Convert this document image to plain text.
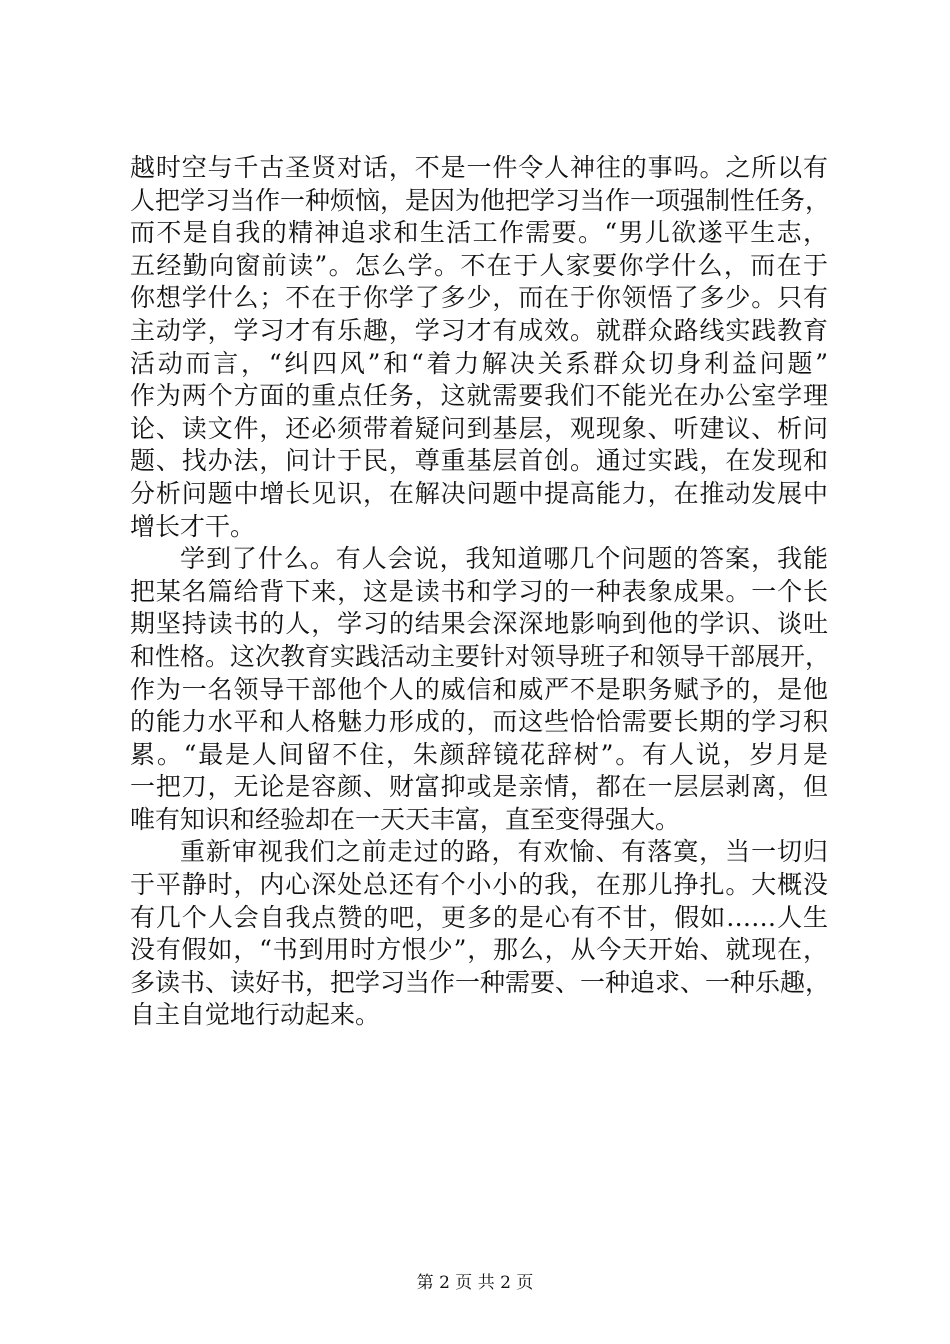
越时空与千古圣贤对话，不是一件令人神往的事吗。之所以有
人把学习当作一种烦恼，是因为他把学习当作一项强制性任务，
而不是自我的精神追求和生活工作需要。“男儿欲遂平生志，
五经勤向窗前读”。怎么学。不在于人家要你学什么，而在于
你想学什么；不在于你学了多少，而在于你领悟了多少。只有
主动学，学习才有乐趣，学习才有成效。就群众路线实践教育
活动而言，“纠四风”和“着力解决关系群众切身利益问题”
作为两个方面的重点任务，这就需要我们不能光在办公室学理
论、读文件，还必须带着疑问到基层，观现象、听建议、析问
题、找办法，问计于民，尊重基层首创。通过实践，在发现和
分析问题中增长见识，在解决问题中提高能力，在推动发展中
增长才干。
学到了什么。有人会说，我知道哪几个问题的答案，我能
把某名篇给背下来，这是读书和学习的一种表象成果。一个长
期坚持读书的人，学习的结果会深深地影响到他的学识、谈吐
和性格。这次教育实践活动主要针对领导班子和领导干部展开，
作为一名领导干部他个人的威信和威严不是职务赋予的，是他
的能力水平和人格魅力形成的，而这些恰恰需要长期的学习积
累。“最是人间留不住，朱颜辞镜花辞树”。有人说，岁月是
一把刀，无论是容颜、财富抑或是亲情，都在一层层剥离，但
唯有知识和经验却在一天天丰富，直至变得强大。
重新审视我们之前走过的路，有欢愉、有落寞，当一切归
于平静时，内心深处总还有个小小的我，在那儿挣扎。大概没
有几个人会自我点赞的吧，更多的是心有不甘，假如……人生
没有假如，“书到用时方恨少”，那么，从今天开始、就现在，
多读书、读好书，把学习当作一种需要、一种追求、一种乐趣，
自主自觉地行动起来。
第 2 页 共 2 页
